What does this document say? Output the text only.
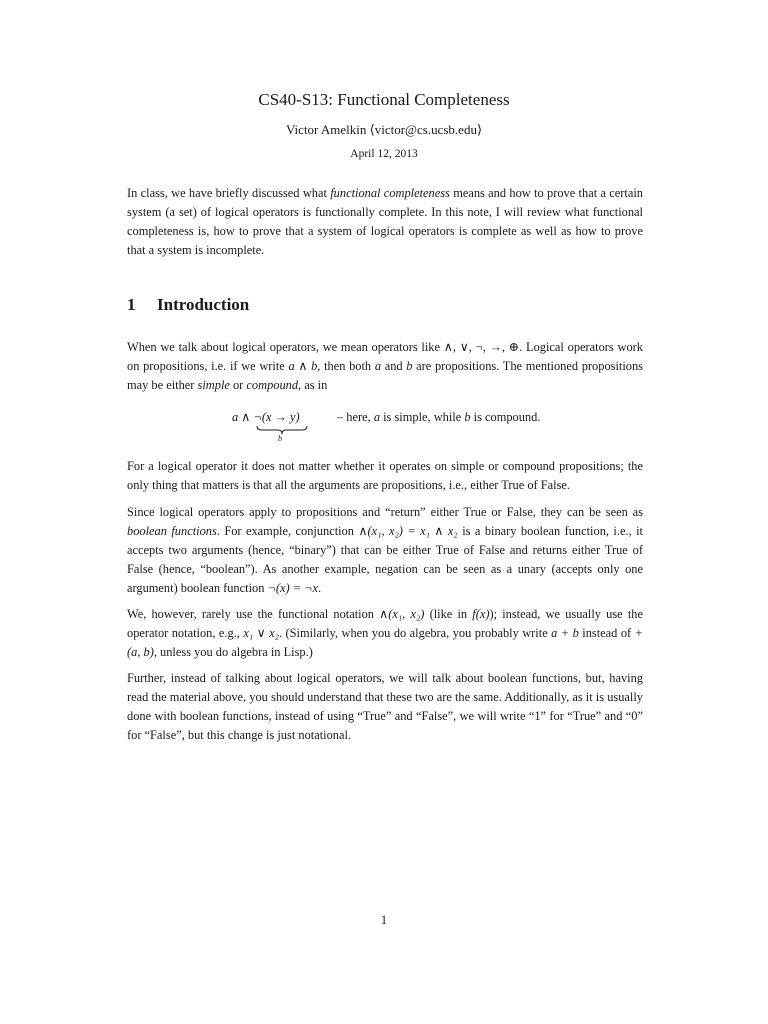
CS40-S13: Functional Completeness
Victor Amelkin ⟨victor@cs.ucsb.edu⟩
April 12, 2013

In class, we have briefly discussed what functional completeness means and how to prove that a certain system (a set) of logical operators is functionally complete. In this note, I will review what functional completeness is, how to prove that a system of logical operators is complete as well as how to prove that a system is incomplete.

1 Introduction

When we talk about logical operators, we mean operators like ∧, ∨, ¬, →, ⊕. Logical operators work on propositions, i.e. if we write a ∧ b, then both a and b are propositions. The mentioned propositions may be either simple or compound, as in

a ∧ ¬(x → y)
b
– here, a is simple, while b is compound.

For a logical operator it does not matter whether it operates on simple or compound propositions; the only thing that matters is that all the arguments are propositions, i.e., either True of False.

Since logical operators apply to propositions and “return” either True or False, they can be seen as boolean functions. For example, conjunction ∧(x₁, x₂) = x₁ ∧ x₂ is a binary boolean function, i.e., it accepts two arguments (hence, “binary”) that can be either True of False and returns either True of False (hence, “boolean”). As another example, negation can be seen as a unary (accepts only one argument) boolean function ¬(x) = ¬x.

We, however, rarely use the functional notation ∧(x₁, x₂) (like in f(x)); instead, we usually use the operator notation, e.g., x₁ ∨ x₂. (Similarly, when you do algebra, you probably write a + b instead of +(a, b), unless you do algebra in Lisp.)

Further, instead of talking about logical operators, we will talk about boolean functions, but, having read the material above, you should understand that these two are the same. Additionally, as it is usually done with boolean functions, instead of using “True” and “False”, we will write “1” for “True” and “0” for “False”, but this change is just notational.

1
